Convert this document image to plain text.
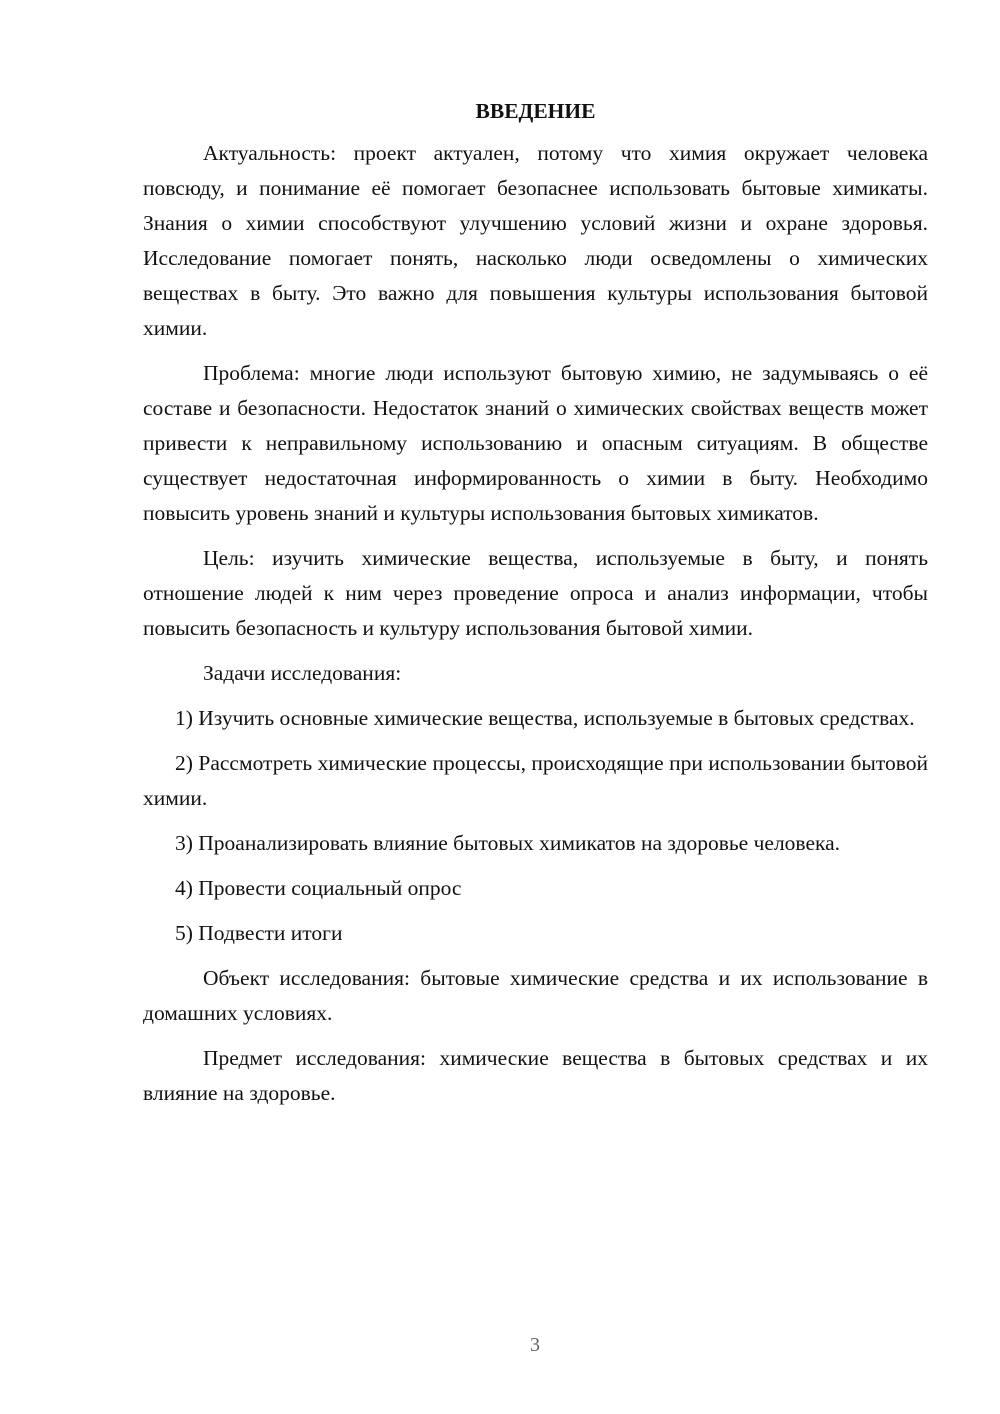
ВВЕДЕНИЕ

Актуальность: проект актуален, потому что химия окружает человека повсюду, и понимание её помогает безопаснее использовать бытовые химикаты. Знания о химии способствуют улучшению условий жизни и охране здоровья. Исследование помогает понять, насколько люди осведомлены о химических веществах в быту. Это важно для повышения культуры использования бытовой химии.

Проблема: многие люди используют бытовую химию, не задумываясь о её составе и безопасности. Недостаток знаний о химических свойствах веществ может привести к неправильному использованию и опасным ситуациям. В обществе существует недостаточная информированность о химии в быту. Необходимо повысить уровень знаний и культуры использования бытовых химикатов.

Цель: изучить химические вещества, используемые в быту, и понять отношение людей к ним через проведение опроса и анализ информации, чтобы повысить безопасность и культуру использования бытовой химии.

Задачи исследования:

1) Изучить основные химические вещества, используемые в бытовых средствах.

2) Рассмотреть химические процессы, происходящие при использовании бытовой химии.

3) Проанализировать влияние бытовых химикатов на здоровье человека.

4) Провести социальный опрос

5) Подвести итоги

Объект исследования: бытовые химические средства и их использование в домашних условиях.

Предмет исследования: химические вещества в бытовых средствах и их влияние на здоровье.

3
